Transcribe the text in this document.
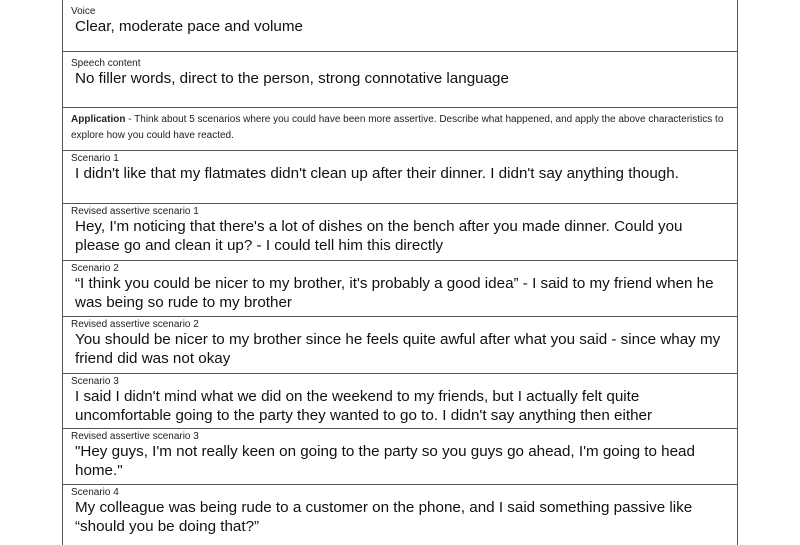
Voice
Clear, moderate pace and volume
Speech content
No filler words, direct to the person, strong connotative language
Application - Think about 5 scenarios where you could have been more assertive. Describe what happened, and apply the above characteristics to explore how you could have reacted.
Scenario 1
I didn't like that my flatmates didn't clean up after their dinner. I didn't say anything though.
Revised assertive scenario 1
Hey, I'm noticing that there's a lot of dishes on the bench after you made dinner. Could you please go and clean it up? - I could tell him this directly
Scenario 2
“I think you could be nicer to my brother, it's probably a good idea” - I said to my friend when he was being so rude to my brother
Revised assertive scenario 2
You should be nicer to my brother since he feels quite awful after what you said - since whay my friend did was not okay
Scenario 3
I said I didn't mind what we did on the weekend to my friends, but I actually felt quite uncomfortable going to the party they wanted to go to. I didn't say anything then either
Revised assertive scenario 3
"Hey guys, I'm not really keen on going to the party so you guys go ahead, I'm going to head home."
Scenario 4
My colleague was being rude to a customer on the phone, and I said something passive like “should you be doing that?”
